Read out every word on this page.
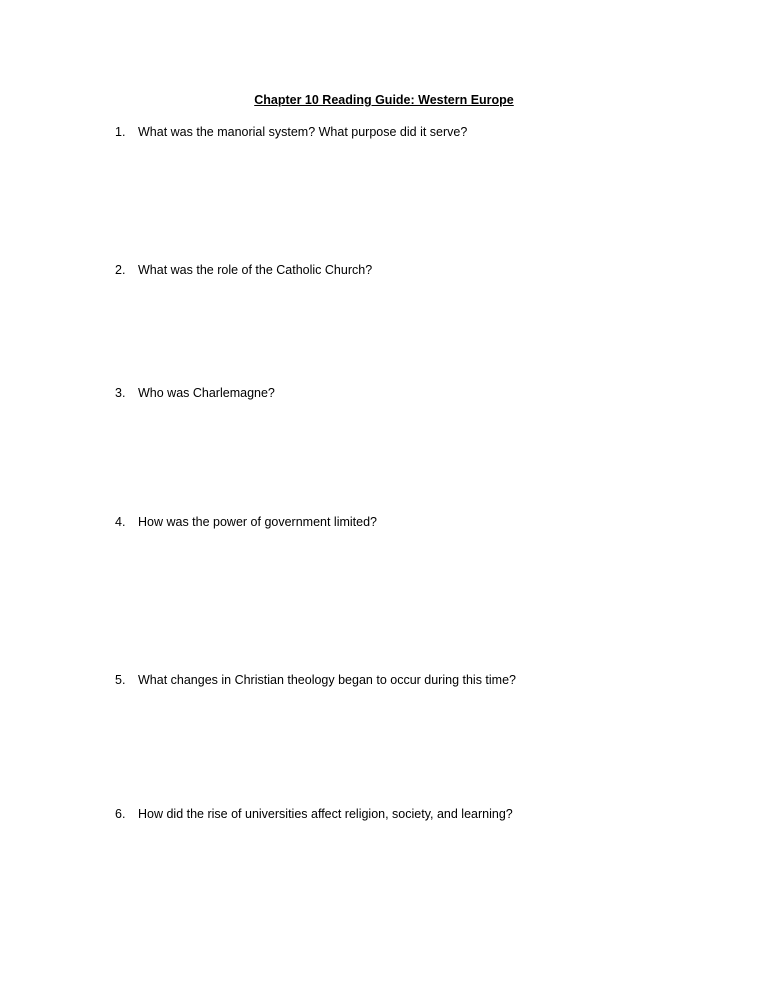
Chapter 10 Reading Guide: Western Europe
1. What was the manorial system? What purpose did it serve?
2. What was the role of the Catholic Church?
3. Who was Charlemagne?
4. How was the power of government limited?
5. What changes in Christian theology began to occur during this time?
6. How did the rise of universities affect religion, society, and learning?
